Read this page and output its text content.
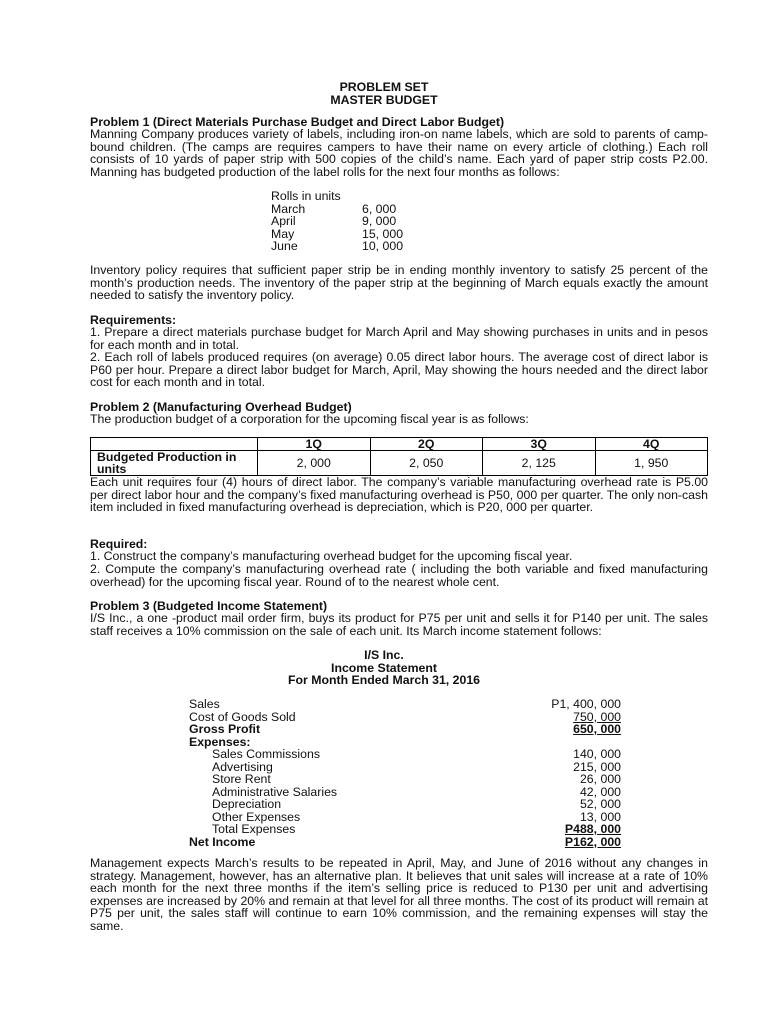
PROBLEM SET
MASTER BUDGET
Problem 1 (Direct Materials Purchase Budget and Direct Labor Budget)
Manning Company produces variety of labels, including iron-on name labels, which are sold to parents of camp-bound children. (The camps are requires campers to have their name on every article of clothing.) Each roll consists of 10 yards of paper strip with 500 copies of the child’s name. Each yard of paper strip costs P2.00. Manning has budgeted production of the label rolls for the next four months as follows:
Rolls in units
March	6, 000
April	9, 000
May	15, 000
June	10, 000
Inventory policy requires that sufficient paper strip be in ending monthly inventory to satisfy 25 percent of the month’s production needs. The inventory of the paper strip at the beginning of March equals exactly the amount needed to satisfy the inventory policy.
Requirements:
1. Prepare a direct materials purchase budget for March April and May showing purchases in units and in pesos for each month and in total.
2. Each roll of labels produced requires (on average) 0.05 direct labor hours. The average cost of direct labor is P60 per hour. Prepare a direct labor budget for March, April, May showing the hours needed and the direct labor cost for each month and in total.
Problem 2 (Manufacturing Overhead Budget)
The production budget of a corporation for the upcoming fiscal year is as follows:
	1Q	2Q	3Q	4Q
Budgeted Production in units	2, 000	2, 050	2, 125	1, 950
Each unit requires four (4) hours of direct labor. The company’s variable manufacturing overhead rate is P5.00 per direct labor hour and the company’s fixed manufacturing overhead is P50, 000 per quarter. The only non-cash item included in fixed manufacturing overhead is depreciation, which is P20, 000 per quarter.
Required:
1. Construct the company’s manufacturing overhead budget for the upcoming fiscal year.
2. Compute the company’s manufacturing overhead rate ( including the both variable and fixed manufacturing overhead) for the upcoming fiscal year. Round of to the nearest whole cent.
Problem 3 (Budgeted Income Statement)
I/S Inc., a one -product mail order firm, buys its product for P75 per unit and sells it for P140 per unit. The sales staff receives a 10% commission on the sale of each unit. Its March income statement follows:
I/S Inc.
Income Statement
For Month Ended March 31, 2016
Sales	P1, 400, 000
Cost of Goods Sold	750, 000
Gross Profit	650, 000
Expenses:
Sales Commissions	140, 000
Advertising	215, 000
Store Rent	26, 000
Administrative Salaries	42, 000
Depreciation	52, 000
Other Expenses	13, 000
Total Expenses	P488, 000
Net Income	P162, 000
Management expects March’s results to be repeated in April, May, and June of 2016 without any changes in strategy. Management, however, has an alternative plan. It believes that unit sales will increase at a rate of 10% each month for the next three months if the item’s selling price is reduced to P130 per unit and advertising expenses are increased by 20% and remain at that level for all three months. The cost of its product will remain at P75 per unit, the sales staff will continue to earn 10% commission, and the remaining expenses will stay the same.
